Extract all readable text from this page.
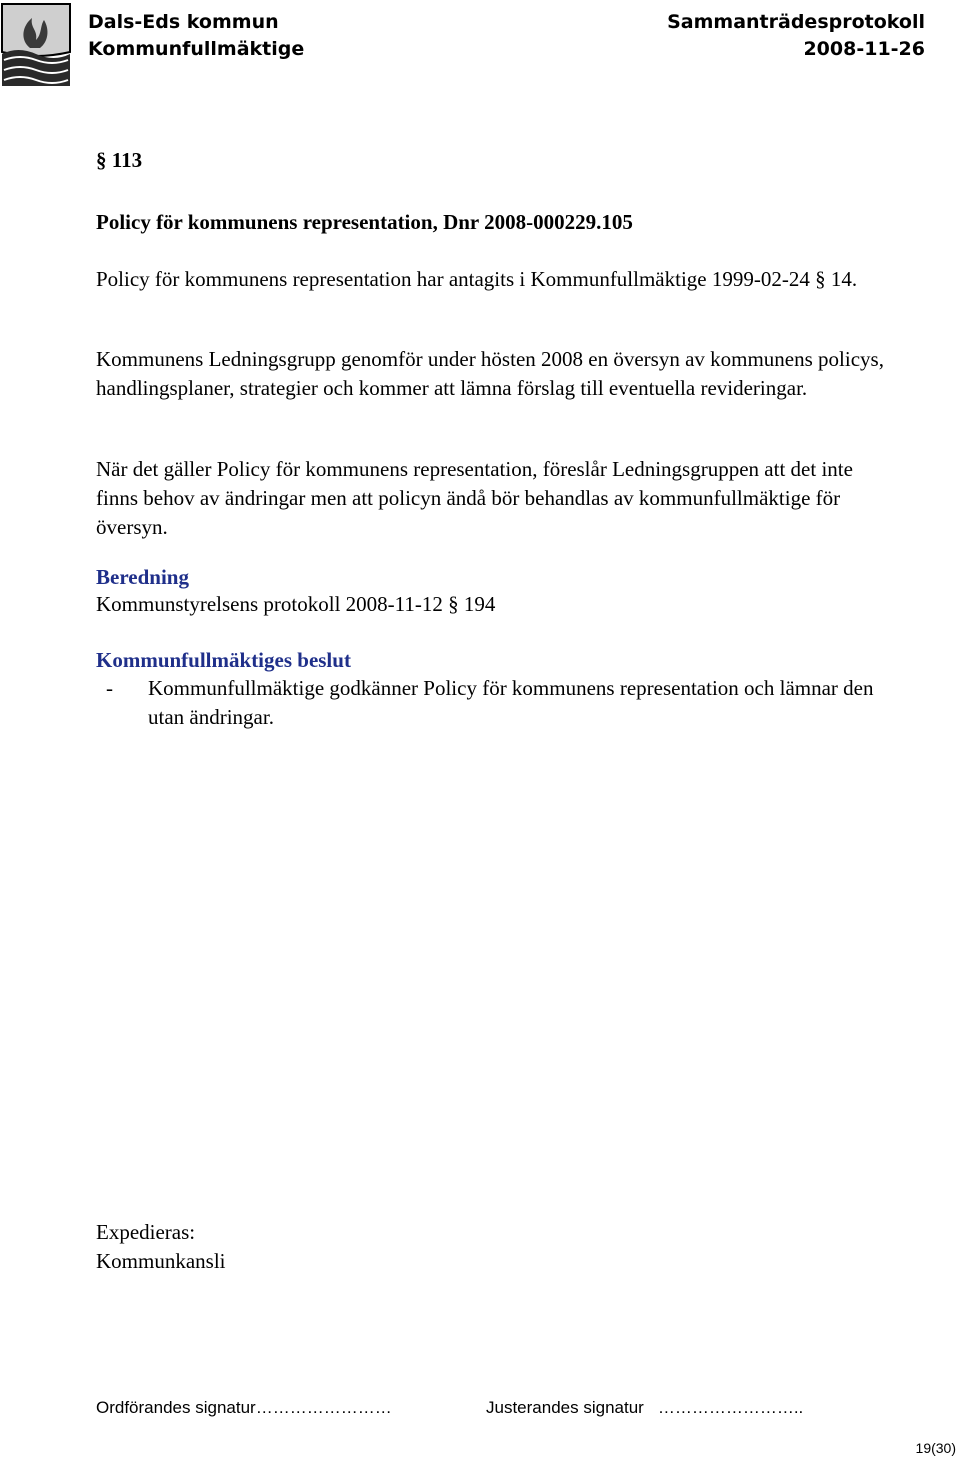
Dals-Eds kommun
Kommunfullmäktige
Sammanträdesprotokoll
2008-11-26
§ 113
Policy för kommunens representation, Dnr 2008-000229.105
Policy för kommunens representation har antagits i Kommunfullmäktige 1999-02-24 § 14.
Kommunens Ledningsgrupp genomför under hösten 2008 en översyn av kommunens policys, handlingsplaner, strategier och kommer att lämna förslag till eventuella revideringar.
När det gäller Policy för kommunens representation, föreslår Ledningsgruppen att det inte finns behov av ändringar men att policyn ändå bör behandlas av kommunfullmäktige för översyn.
Beredning
Kommunstyrelsens protokoll 2008-11-12 § 194
Kommunfullmäktiges beslut
-	Kommunfullmäktige godkänner Policy för kommunens representation och lämnar den utan ändringar.
Expedieras:
Kommunkansli
Ordförandes signatur……………………	Justerandes signatur ……………………..
19(30)
